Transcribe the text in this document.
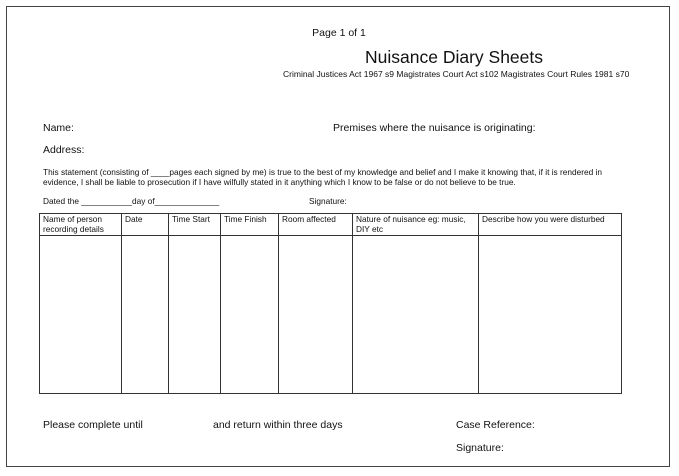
Page 1 of 1
Nuisance Diary Sheets
Criminal Justices Act 1967 s9 Magistrates Court Act s102 Magistrates Court Rules 1981 s70
Name:	Premises where the nuisance is originating:
Address:
This statement (consisting of ____pages each signed by me) is true to the best of my knowledge and belief and I make it knowing that, if it is rendered in evidence, I shall be liable to prosecution if I have wilfully stated in it anything which I know to be false or do not believe to be true.
Dated the ___________day of______________	Signature:
Name of person recording details	Date	Time Start	Time Finish	Room affected	Nature of nuisance eg: music, DIY etc	Describe how you were disturbed

Please complete until	and return within three days	Case Reference:
Signature:
